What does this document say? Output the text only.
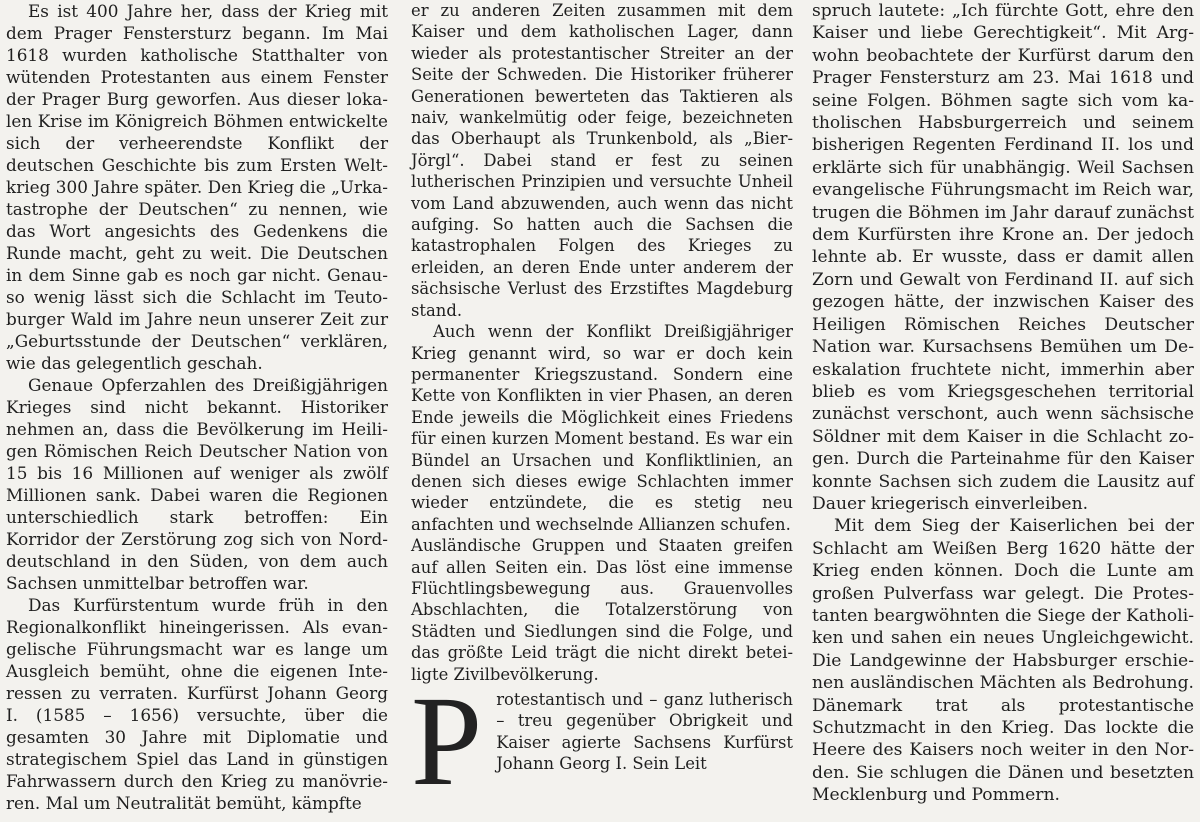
Es ist 400 Jahre her, dass der Krieg mit dem Prager Fenstersturz begann. Im Mai 1618 wurden katholische Statthalter von wütenden Protestanten aus einem Fenster der Prager Burg geworfen. Aus dieser lokalen Krise im Königreich Böhmen entwickelte sich der verheerendste Konflikt der deutschen Geschichte bis zum Ersten Weltkrieg 300 Jahre später. Den Krieg die „Urkatastrophe der Deutschen“ zu nennen, wie das Wort angesichts des Gedenkens die Runde macht, geht zu weit. Die Deutschen in dem Sinne gab es noch gar nicht. Genauso wenig lässt sich die Schlacht im Teutoburger Wald im Jahre neun unserer Zeit zur „Geburtsstunde der Deutschen“ verklären, wie das gelegentlich geschah.

Genaue Opferzahlen des Dreißigjährigen Krieges sind nicht bekannt. Historiker nehmen an, dass die Bevölkerung im Heiligen Römischen Reich Deutscher Nation von 15 bis 16 Millionen auf weniger als zwölf Millionen sank. Dabei waren die Regionen unterschiedlich stark betroffen: Ein Korridor der Zerstörung zog sich von Norddeutschland in den Süden, von dem auch Sachsen unmittelbar betroffen war.

Das Kurfürstentum wurde früh in den Regionalkonflikt hineingerissen. Als evangelische Führungsmacht war es lange um Ausgleich bemüht, ohne die eigenen Interessen zu verraten. Kurfürst Johann Georg I. (1585 – 1656) versuchte, über die gesamten 30 Jahre mit Diplomatie und strategischem Spiel das Land in günstigen Fahrwassern durch den Krieg zu manövrieren. Mal um Neutralität bemüht, kämpfte

er zu anderen Zeiten zusammen mit dem Kaiser und dem katholischen Lager, dann wieder als protestantischer Streiter an der Seite der Schweden. Die Historiker früherer Generationen bewerteten das Taktieren als naiv, wankelmütig oder feige, bezeichneten das Oberhaupt als Trunkenbold, als „Bier-Jörgl“. Dabei stand er fest zu seinen lutherischen Prinzipien und versuchte Unheil vom Land abzuwenden, auch wenn das nicht aufging. So hatten auch die Sachsen die katastrophalen Folgen des Krieges zu erleiden, an deren Ende unter anderem der sächsische Verlust des Erzstiftes Magdeburg stand.

Auch wenn der Konflikt Dreißigjähriger Krieg genannt wird, so war er doch kein permanenter Kriegszustand. Sondern eine Kette von Konflikten in vier Phasen, an deren Ende jeweils die Möglichkeit eines Friedens für einen kurzen Moment bestand. Es war ein Bündel an Ursachen und Konfliktlinien, an denen sich dieses ewige Schlachten immer wieder entzündete, die es stetig neu anfachten und wechselnde Allianzen schufen.

Ausländische Gruppen und Staaten greifen auf allen Seiten ein. Das löst eine immense Flüchtlingsbewegung aus. Grauenvolles Abschlachten, die Totalzerstörung von Städten und Siedlungen sind die Folge, und das größte Leid trägt die nicht direkt beteiligte Zivilbevölkerung.

Protestantisch und – ganz lutherisch – treu gegenüber Obrigkeit und Kaiser agierte Sachsens Kurfürst Johann Georg I. Sein Leit

spruch lautete: „Ich fürchte Gott, ehre den Kaiser und liebe Gerechtigkeit“. Mit Argwohn beobachtete der Kurfürst darum den Prager Fenstersturz am 23. Mai 1618 und seine Folgen. Böhmen sagte sich vom katholischen Habsburgerreich und seinem bisherigen Regenten Ferdinand II. los und erklärte sich für unabhängig. Weil Sachsen evangelische Führungsmacht im Reich war, trugen die Böhmen im Jahr darauf zunächst dem Kurfürsten ihre Krone an. Der jedoch lehnte ab. Er wusste, dass er damit allen Zorn und Gewalt von Ferdinand II. auf sich gezogen hätte, der inzwischen Kaiser des Heiligen Römischen Reiches Deutscher Nation war. Kursachsens Bemühen um Deeskalation fruchtete nicht, immerhin aber blieb es vom Kriegsgeschehen territorial zunächst verschont, auch wenn sächsische Söldner mit dem Kaiser in die Schlacht zogen. Durch die Parteinahme für den Kaiser konnte Sachsen sich zudem die Lausitz auf Dauer kriegerisch einverleiben.

Mit dem Sieg der Kaiserlichen bei der Schlacht am Weißen Berg 1620 hätte der Krieg enden können. Doch die Lunte am großen Pulverfass war gelegt. Die Protestanten beargwöhnten die Siege der Katholiken und sahen ein neues Ungleichgewicht. Die Landgewinne der Habsburger erschienen ausländischen Mächten als Bedrohung. Dänemark trat als protestantische Schutzmacht in den Krieg. Das lockte die Heere des Kaisers noch weiter in den Norden. Sie schlugen die Dänen und besetzten Mecklenburg und Pommern.
